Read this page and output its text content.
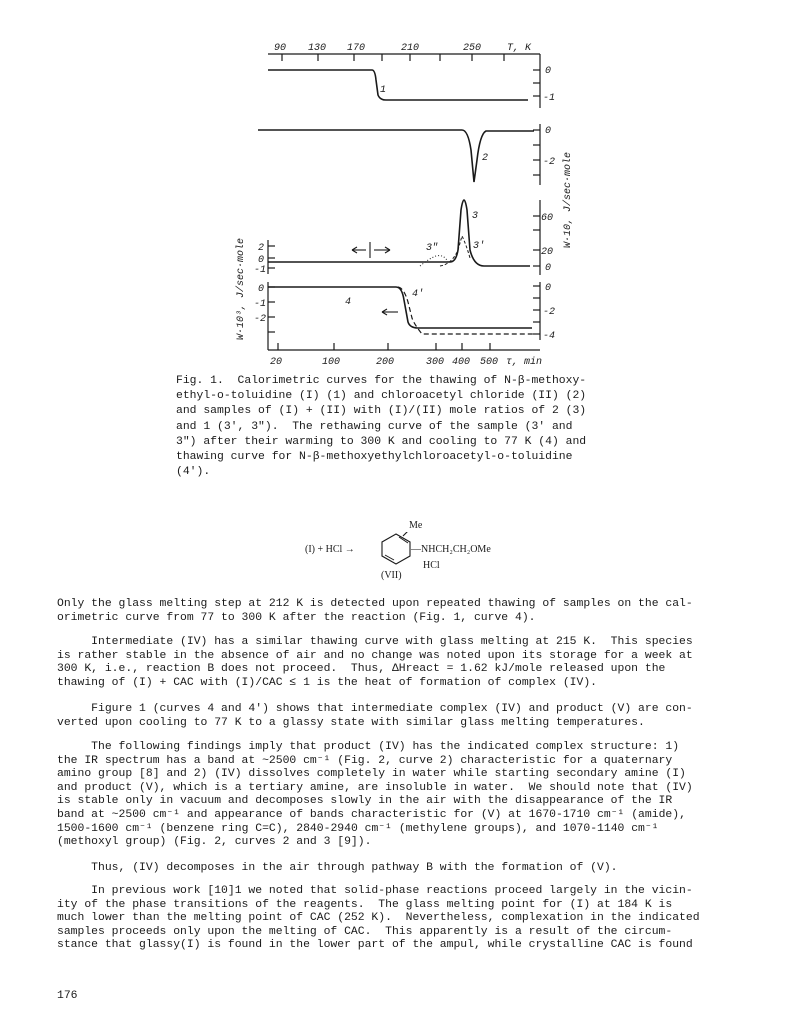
90 130 170	210	250	T, K
0
-1
1
0
-2
2	W·10, J/sec·mole
60
20
0
2
0
-1
3
3'
3"
W·10³, J/sec·mole 0
-1
-2
0
-2
-4
4
4'
20	100	200	300 400 500 τ, min
Fig. 1.  Calorimetric curves for the thawing of N-β-methoxy-
ethyl-o-toluidine (I) (1) and chloroacetyl chloride (II) (2)
and samples of (I) + (II) with (I)/(II) mole ratios of 2 (3)
and 1 (3', 3").  The rethawing curve of the sample (3' and
3") after their warming to 300 K and cooling to 77 K (4) and
thawing curve for N-β-methoxyethylchloroacetyl-o-toluidine
(4').
Me
(I) + HCl →	—NHCH₂CH₂OMe
HCl
(VII)
Only the glass melting step at 212 K is detected upon repeated thawing of samples on the cal-
orimetric curve from 77 to 300 K after the reaction (Fig. 1, curve 4).
Intermediate (IV) has a similar thawing curve with glass melting at 215 K.  This species
is rather stable in the absence of air and no change was noted upon its storage for a week at
300 K, i.e., reaction B does not proceed.  Thus, ΔHreact = 1.62 kJ/mole released upon the
thawing of (I) + CAC with (I)/CAC ≤ 1 is the heat of formation of complex (IV).
Figure 1 (curves 4 and 4') shows that intermediate complex (IV) and product (V) are con-
verted upon cooling to 77 K to a glassy state with similar glass melting temperatures.
The following findings imply that product (IV) has the indicated complex structure: 1)
the IR spectrum has a band at ~2500 cm⁻¹ (Fig. 2, curve 2) characteristic for a quaternary
amino group [8] and 2) (IV) dissolves completely in water while starting secondary amine (I)
and product (V), which is a tertiary amine, are insoluble in water.  We should note that (IV)
is stable only in vacuum and decomposes slowly in the air with the disappearance of the IR
band at ~2500 cm⁻¹ and appearance of bands characteristic for (V) at 1670-1710 cm⁻¹ (amide),
1500-1600 cm⁻¹ (benzene ring C=C), 2840-2940 cm⁻¹ (methylene groups), and 1070-1140 cm⁻¹
(methoxyl group) (Fig. 2, curves 2 and 3 [9]).
Thus, (IV) decomposes in the air through pathway B with the formation of (V).
In previous work [10]1 we noted that solid-phase reactions proceed largely in the vicin-
ity of the phase transitions of the reagents.  The glass melting point for (I) at 184 K is
much lower than the melting point of CAC (252 K).  Nevertheless, complexation in the indicated
samples proceeds only upon the melting of CAC.  This apparently is a result of the circum-
stance that glassy(I) is found in the lower part of the ampul, while crystalline CAC is found
176
